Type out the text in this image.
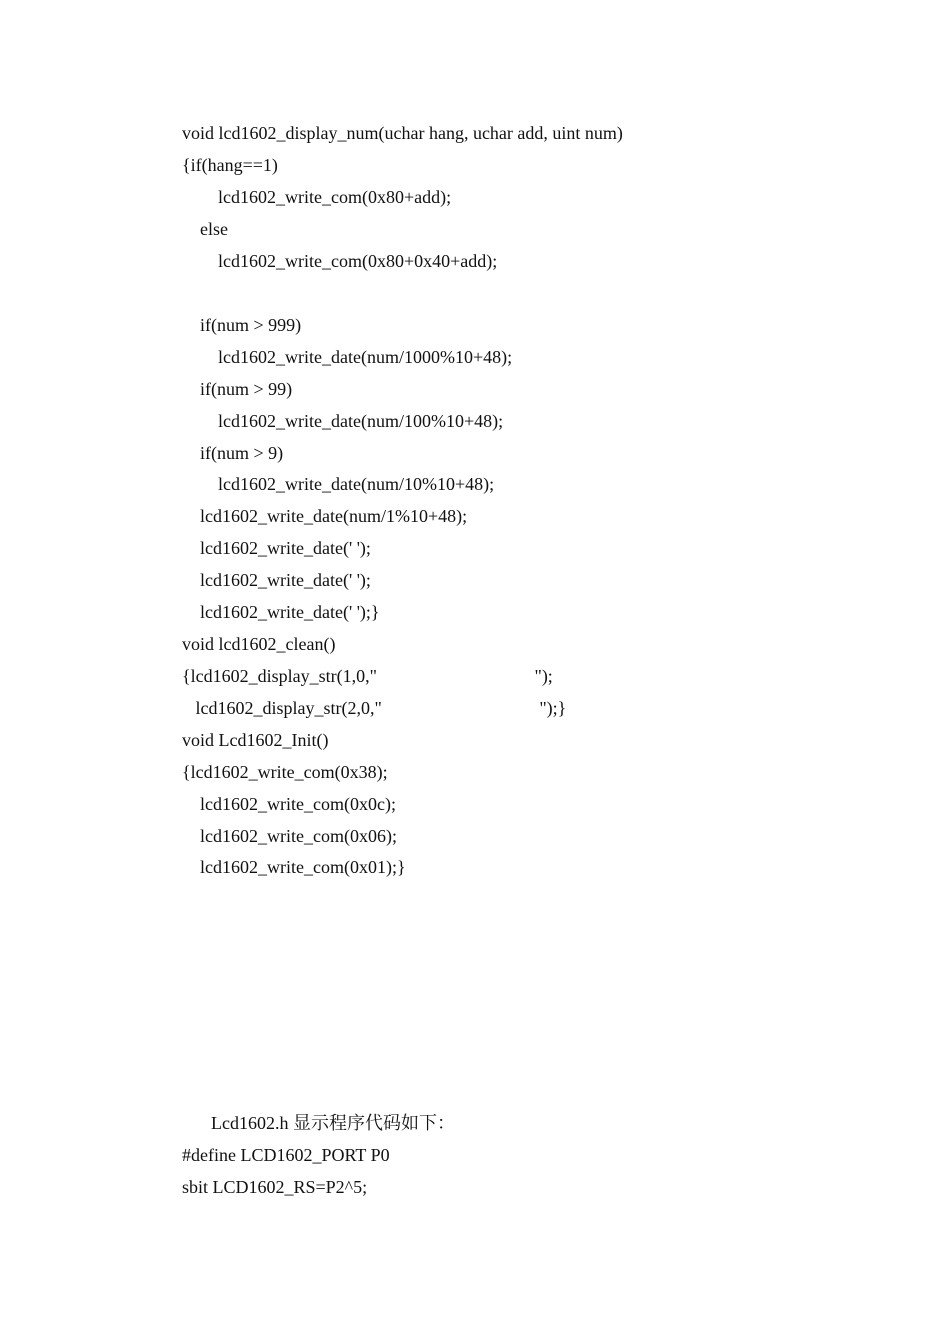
void lcd1602_display_num(uchar hang, uchar add, uint num)
{if(hang==1)
lcd1602_write_com(0x80+add);
else
lcd1602_write_com(0x80+0x40+add);
if(num > 999)
lcd1602_write_date(num/1000%10+48);
if(num > 99)
lcd1602_write_date(num/100%10+48);
if(num > 9)
lcd1602_write_date(num/10%10+48);
lcd1602_write_date(num/1%10+48);
lcd1602_write_date(' ');
lcd1602_write_date(' ');
lcd1602_write_date(' ');}
void lcd1602_clean()
{lcd1602_display_str(1,0,"                                   ");
lcd1602_display_str(2,0,"                                   ");}
void Lcd1602_Init()
{lcd1602_write_com(0x38);
lcd1602_write_com(0x0c);
lcd1602_write_com(0x06);
lcd1602_write_com(0x01);}
Lcd1602.h 显示程序代码如下：
#define LCD1602_PORT P0
sbit LCD1602_RS=P2^5;
